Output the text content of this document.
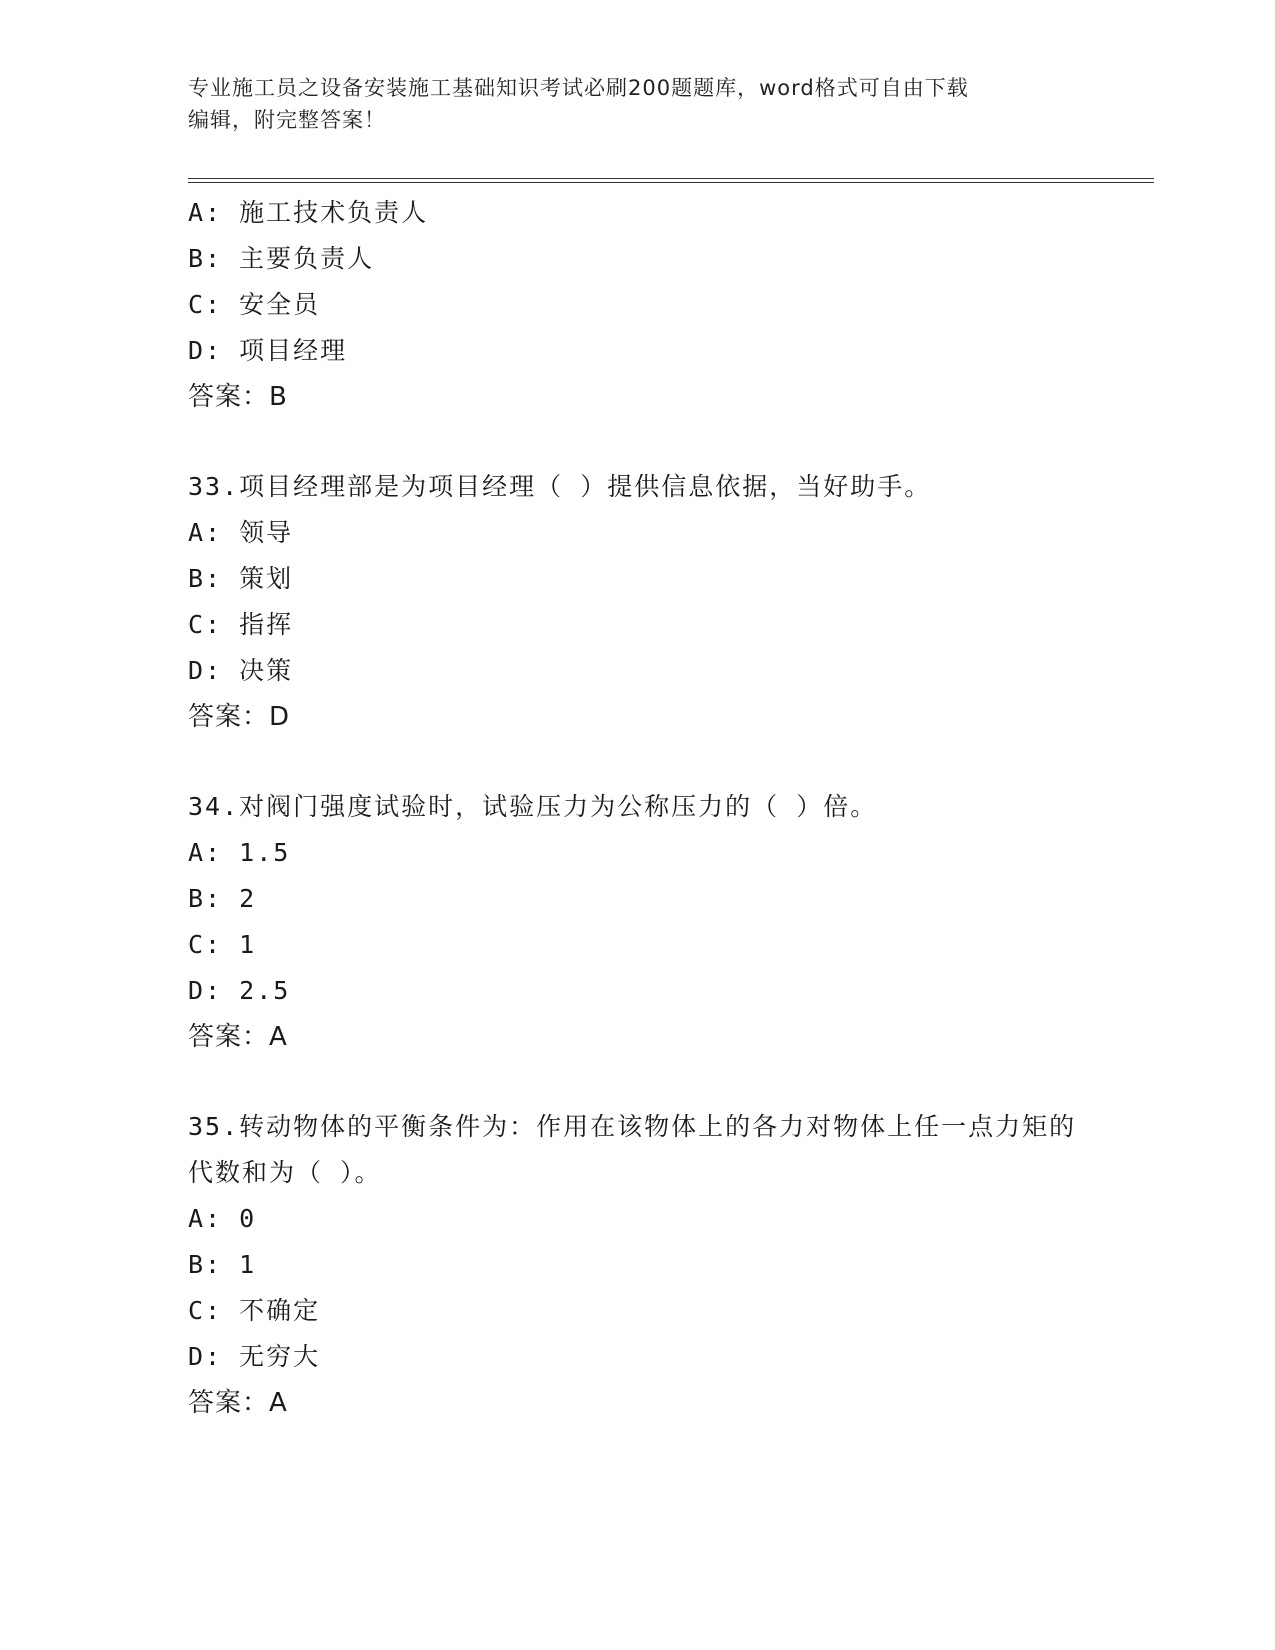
专业施工员之设备安装施工基础知识考试必刷200题题库，word格式可自由下载
编辑，附完整答案！
A: 施工技术负责人
B: 主要负责人
C: 安全员
D: 项目经理
答案：B
33.项目经理部是为项目经理（ ）提供信息依据，当好助手。
A: 领导
B: 策划
C: 指挥
D: 决策
答案：D
34.对阀门强度试验时，试验压力为公称压力的（ ）倍。
A: 1.5
B: 2
C: 1
D: 2.5
答案：A
35.转动物体的平衡条件为：作用在该物体上的各力对物体上任一点力矩的代数和为（ ）。
A: 0
B: 1
C: 不确定
D: 无穷大
答案：A
